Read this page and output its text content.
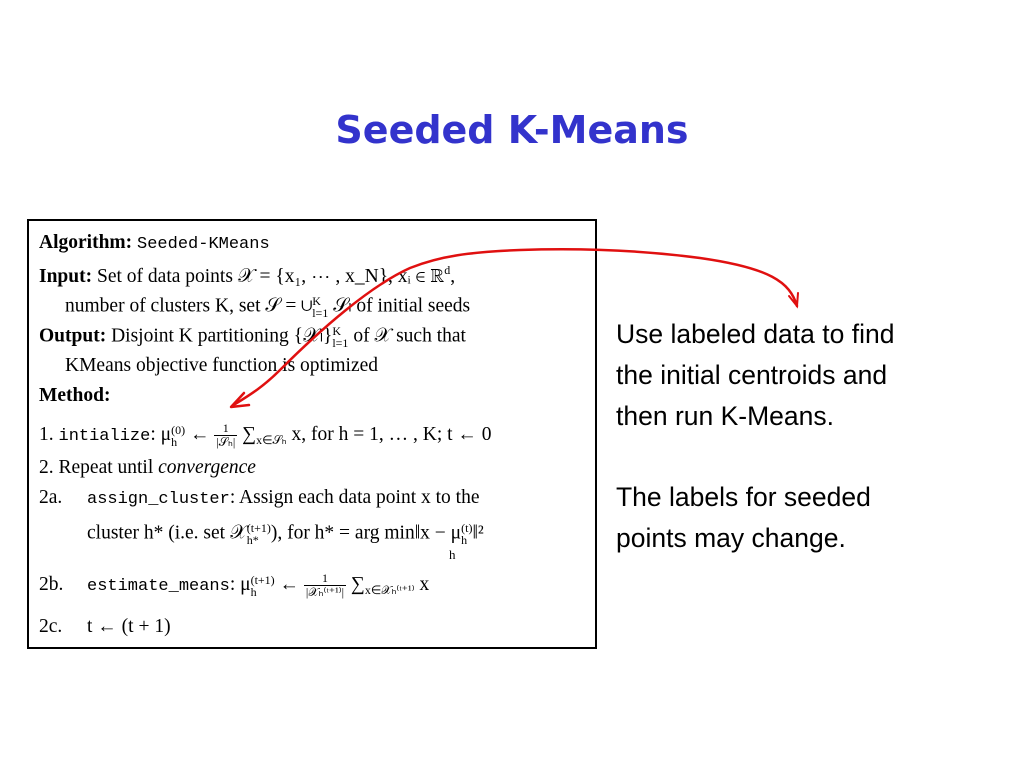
Seeded K-Means
Algorithm: Seeded-KMeans
Input: Set of data points 𝒳 = {x₁, ⋯ , x_N}, xᵢ ∈ ℝ$^d$,
number of clusters K, set 𝒮 = ∪ K
l=1 𝒮ₗ of initial seeds
Output: Disjoint K partitioning {𝒳ₗ} K
l=1 of 𝒳 such that
KMeans objective function is optimized
Method:
1. intialize: μ (0)
h ← $\frac{1}{\text{|𝒮ₕ|}} \sum_{x\in 𝒮_h}$ x, for h = 1, … , K; t ← 0
2. Repeat until convergence
2a. assign_cluster: Assign each data point x to the
cluster h* (i.e. set 𝒳 (t+1)
h* ), for h* = arg min‖x − μ (t)
h ‖²
h
2b. estimate_means: μ (t+1)
h	← $\frac{1}{\text{|𝒳ₕ⁽ᵗ⁺¹⁾|}} \sum_{x\in 𝒳_h^(ᵗ^{+1)}}$ x
2c. t ← (t + 1)
Use labeled data to find
the initial centroids and
then run K-Means.
The labels for seeded
points may change.
